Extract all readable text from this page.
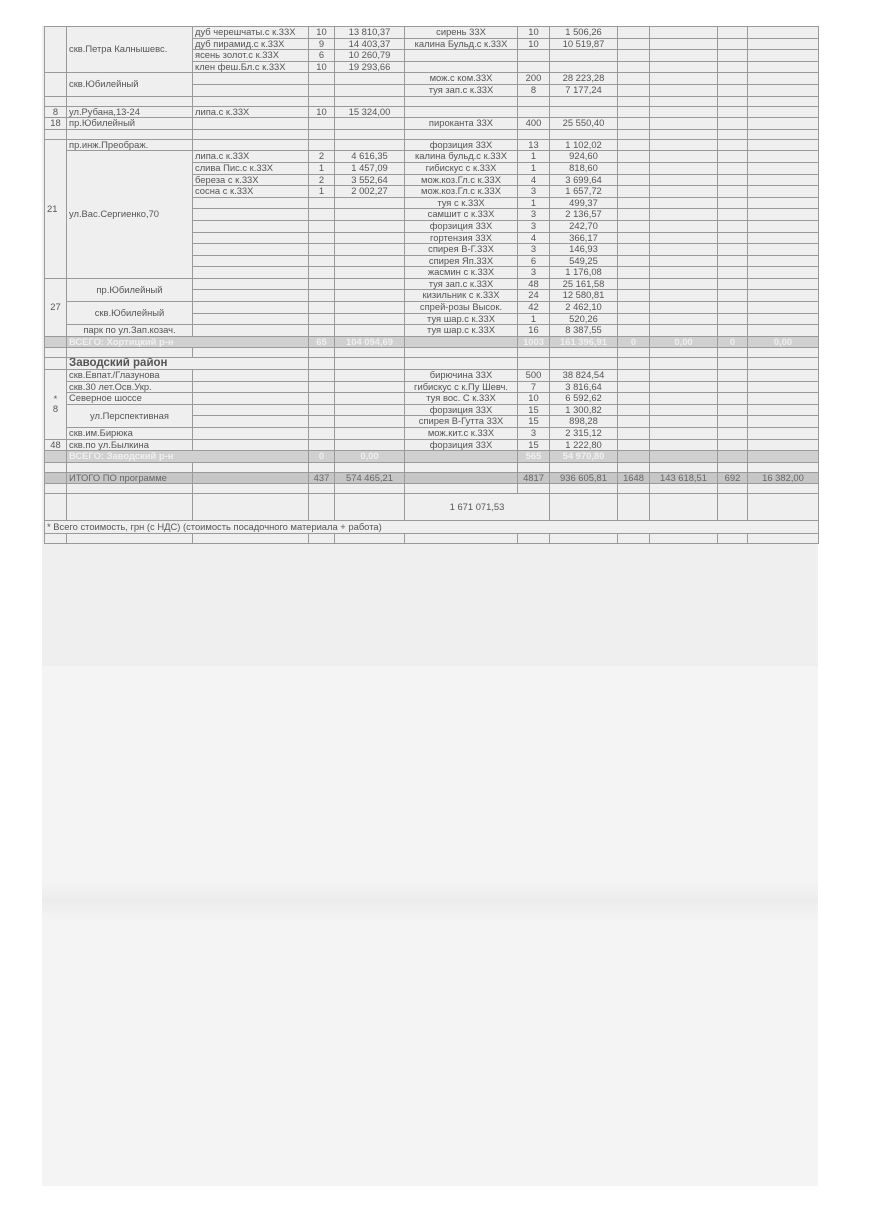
	скв.Петра Калнышевс.	дуб черешчаты.с к.33Х	10	13 810,37	сирень 33Х	10	1 506,26				
		дуб пирамид.с к.33Х	9	14 403,37	калина Бульд.с к.33Х	10	10 519,87				
		ясень золот.с к.33Х	6	10 260,79							
		клен феш.Бл.с к.33Х	10	19 293,66							
	скв.Юбилейный				мож.с ком.33Х	200	28 223,28				
					туя зап.с к.33Х	8	7 177,24				

8	ул.Рубана,13-24	липа.с к.33Х	10	15 324,00							
18	пр.Юбилейный				пироканта 33Х	400	25 550,40				

21	пр.инж.Преображ.				форзиция 33Х	13	1 102,02				
	ул.Вас.Сергиенко,70	липа.с к.33Х	2	4 616,35	калина бульд.с к.33Х	1	924,60				
		слива Пис.с к.33Х	1	1 457,09	гибискус с к.33Х	1	818,60				
		береза с к.33Х	2	3 552,64	мож.коз.Гл.с к.33Х	4	3 699,64				
		сосна с к.33Х	1	2 002,27	мож.коз.Гл.с к.33Х	3	1 657,72				
					туя с к.33Х	1	499,37				
					самшит с к.33Х	3	2 136,57				
					форзиция 33Х	3	242,70				
					гортензия 33Х	4	366,17				
					спирея В-Г.33Х	3	146,93				
					спирея Яп.33Х	6	549,25				
					жасмин с к.33Х	3	1 176,08				
27	пр.Юбилейный				туя зап.с к.33Х	48	25 161,58				
					кизильник с к.33Х	24	12 580,81				
	скв.Юбилейный				спрей-розы Высок.	42	2 462,10				
					туя шар.с к.33Х	1	520,26				
	парк по ул.Зап.козач.				туя шар.с к.33Х	16	8 387,55				
	ВСЕГО: Хортицкий р-н		65	104 094,69		1003	161 396,91	0	0,00	0	0,00

	Заводский район										

*
8	скв.Евпат./Глазунова				бирючина 33Х	500	38 824,54				
	скв.30 лет.Осв.Укр.				гибискус с к.Пу Шевч.	7	3 816,64				
	Северное шоссе				туя вос. С к.33Х	10	6 592,62				
	ул.Перспективная				форзиция 33Х	15	1 300,82				
					спирея В-Гутта 33Х	15	898,28				
	скв.им.Бирюка				мож.кит.с к.33Х	3	2 315,12				
48	скв.по ул.Былкина				форзиция 33Х	15	1 222,80				
	ВСЕГО: Заводский р-н		0	0,00		565	54 970,80				

	ИТОГО ПО программе		437	574 465,21		4817	936 605,81	1648	143 618,51	692	16 382,00

					1 671 071,53						
* Всего стоимость, грн (с НДС) (стоимость посадочного материала + работа)											
